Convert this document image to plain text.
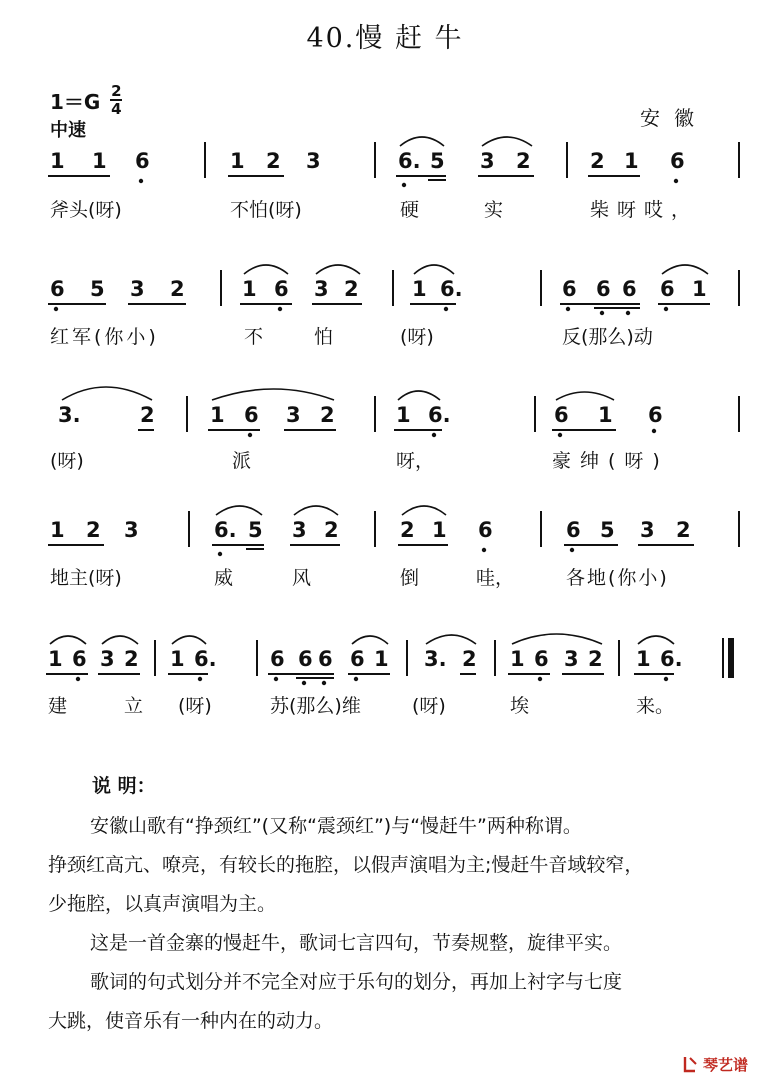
40.慢 赶 牛
$1=G \frac{2}{4}$
中速
安徽
1 1 6	1 2 3	6. 5 3 2	2 1 6
斧头(呀)	不怕(呀)	硬	实	柴呀哎，
6 5 3 2	1 6 3 2	1 6.	6 6 6 6 1
红军(你小)	不	怕	(呀)	反(那么)动
3.	2	1 6 3 2	1 6.	6 1 6
(呀)	派	呀，	豪绅(呀)
1 2 3	6. 5 3 2	2 1 6	6 5 3 2
地主(呀)	威	风	倒	哇，	各地(你小)
1 6 3 2 1 6.	6 6 6 6 1 3. 2 1 6 3 2 1 6.
建	立 (呀)	苏(那么)维	(呀)	埃	来。
说 明：
安徽山歌有“挣颈红”(又称“震颈红”)与“慢赶牛”两种称谓。
挣颈红高亢、嘹亮，有较长的拖腔，以假声演唱为主;慢赶牛音域较窄，
少拖腔，以真声演唱为主。
这是一首金寨的慢赶牛，歌词七言四句，节奏规整，旋律平实。
歌词的句式划分并不完全对应于乐句的划分，再加上衬字与七度
大跳，使音乐有一种内在的动力。
琴艺谱
